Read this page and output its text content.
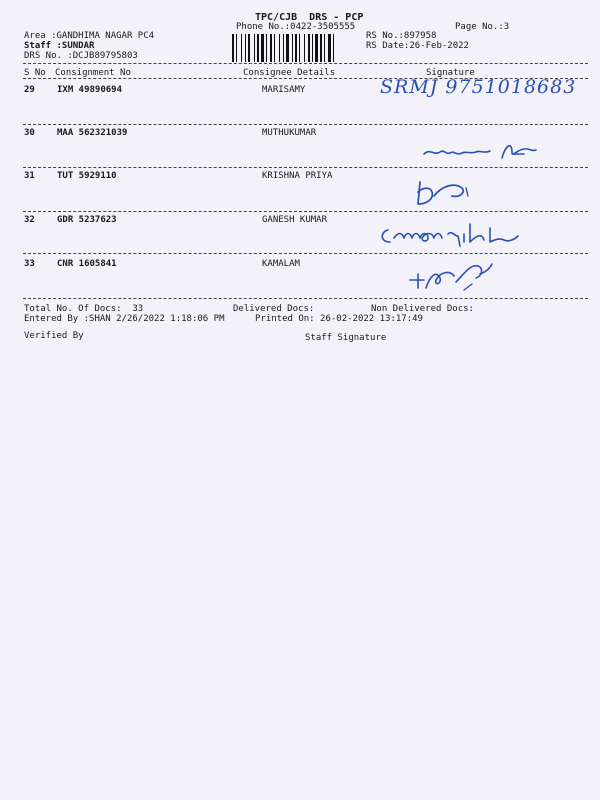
TPC/CJB  DRS - PCP
Phone No.:0422-3505555	Page No.:3
Area :GANDHIMA NAGAR PC4
Staff :SUNDAR
DRS No. :DCJB89795803
RS No.:897958
RS Date:26-Feb-2022
S No Consignment No	Consignee Details	Signature
29 IXM 49890694	MARISAMY	SRMJ 9751018683
30 MAA 562321039	MUTHUKUMAR
31 TUT 5929110	KRISHNA PRIYA
32 GDR 5237623	GANESH KUMAR
33 CNR 1605841	KAMALAM
Total No. Of Docs:  33	Delivered Docs:	Non Delivered Docs:
Entered By :SHAN 2/26/2022 1:18:06 PM	Printed On: 26-02-2022 13:17:49
Verified By	Staff Signature
